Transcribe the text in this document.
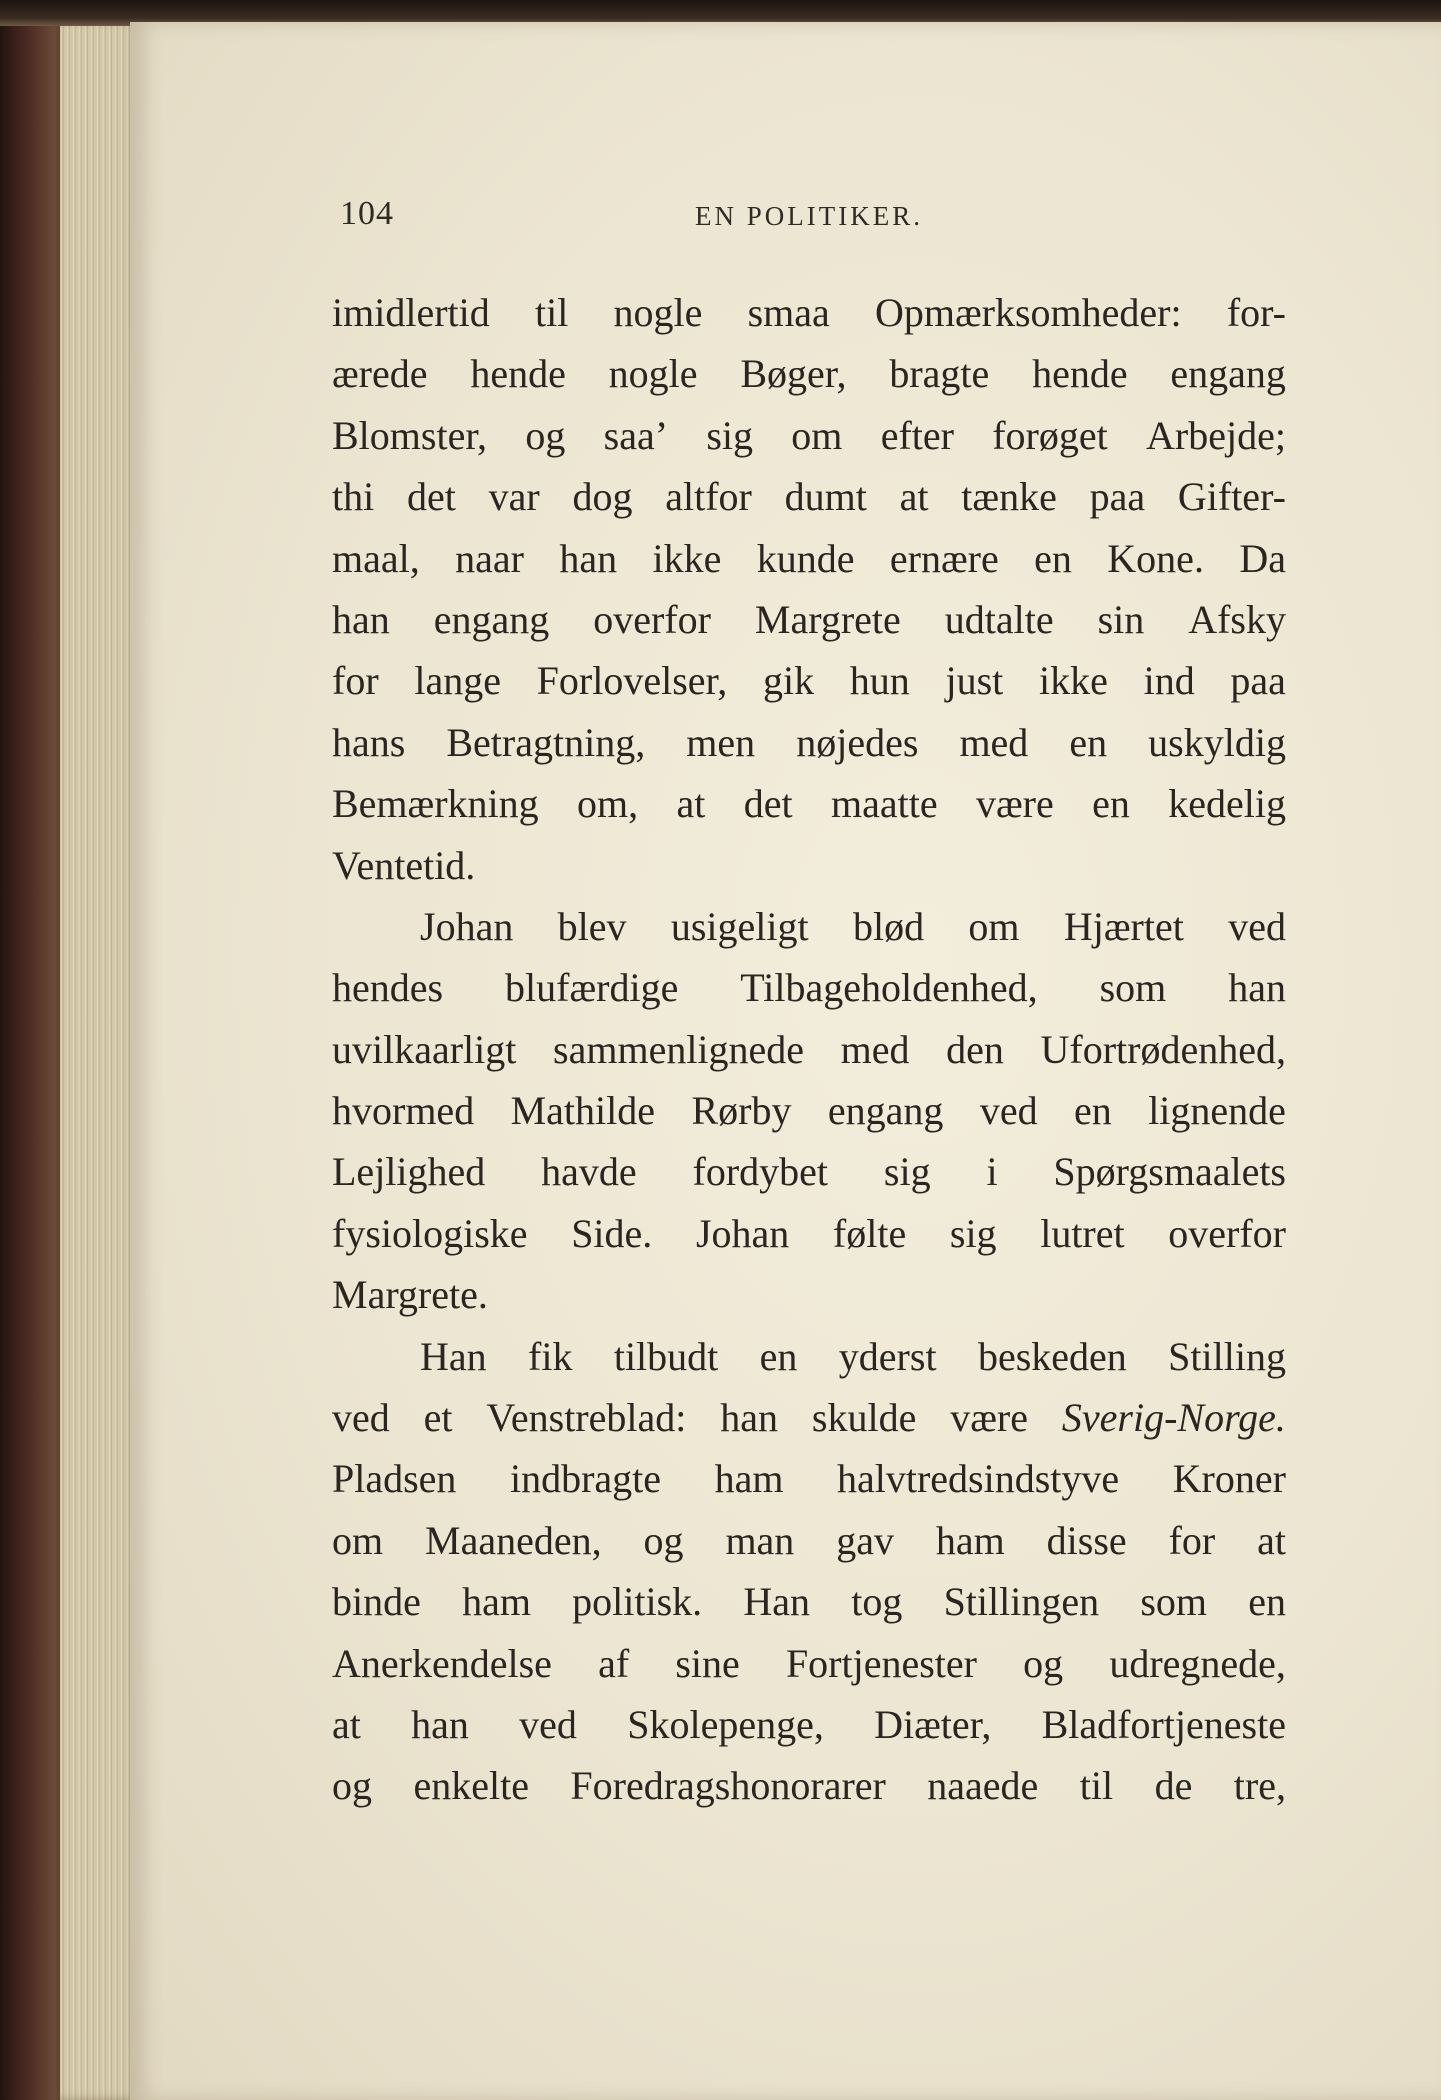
104	EN POLITIKER.
imidlertid til nogle smaa Opmærksomheder: for-
ærede hende nogle Bøger, bragte hende engang
Blomster, og saa’ sig om efter forøget Arbejde;
thi det var dog altfor dumt at tænke paa Gifter-
maal, naar han ikke kunde ernære en Kone. Da
han engang overfor Margrete udtalte sin Afsky
for lange Forlovelser, gik hun just ikke ind paa
hans Betragtning, men nøjedes med en uskyldig
Bemærkning om, at det maatte være en kedelig
Ventetid.
Johan blev usigeligt blød om Hjærtet ved
hendes blufærdige Tilbageholdenhed, som han
uvilkaarligt sammenlignede med den Ufortrødenhed,
hvormed Mathilde Rørby engang ved en lignende
Lejlighed havde fordybet sig i Spørgsmaalets
fysiologiske Side. Johan følte sig lutret overfor
Margrete.
Han fik tilbudt en yderst beskeden Stilling
ved et Venstreblad: han skulde være Sverig-Norge.
Pladsen indbragte ham halvtredsindstyve Kroner
om Maaneden, og man gav ham disse for at
binde ham politisk. Han tog Stillingen som en
Anerkendelse af sine Fortjenester og udregnede,
at han ved Skolepenge, Diæter, Bladfortjeneste
og enkelte Foredragshonorarer naaede til de tre,
